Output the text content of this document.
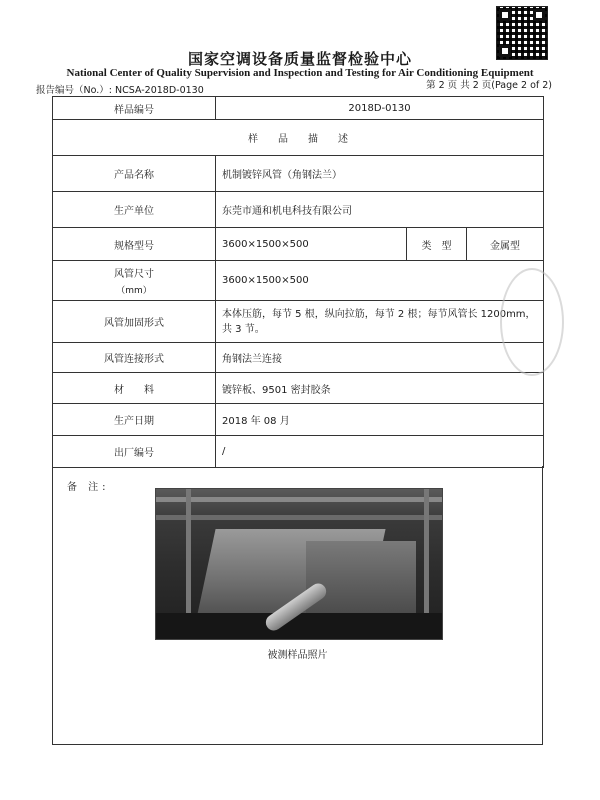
国家空调设备质量监督检验中心
National Center of Quality Supervision and Inspection and Testing for Air Conditioning Equipment
报告编号（No.）: NCSA-2018D-0130	第 2 页 共 2 页(Page 2 of 2)
样品编号	2018D-0130		
样　　品　　描　　述			
产品名称	机制镀锌风管（角钢法兰）		
生产单位	东莞市通和机电科技有限公司		
规格型号	3600×1500×500	类　型	金属型

风管尺寸
（mm）	3600×1500×500		
风管加固形式	本体压筋，每节 5 根，纵向拉筋，每节 2 根；每节风管长 1200mm，共 3 节。		
风管连接形式	角钢法兰连接		
材　　料	镀锌板、9501 密封胶条		
生产日期	2018 年 08 月		
出厂编号	/		
备 注:
被测样品照片
